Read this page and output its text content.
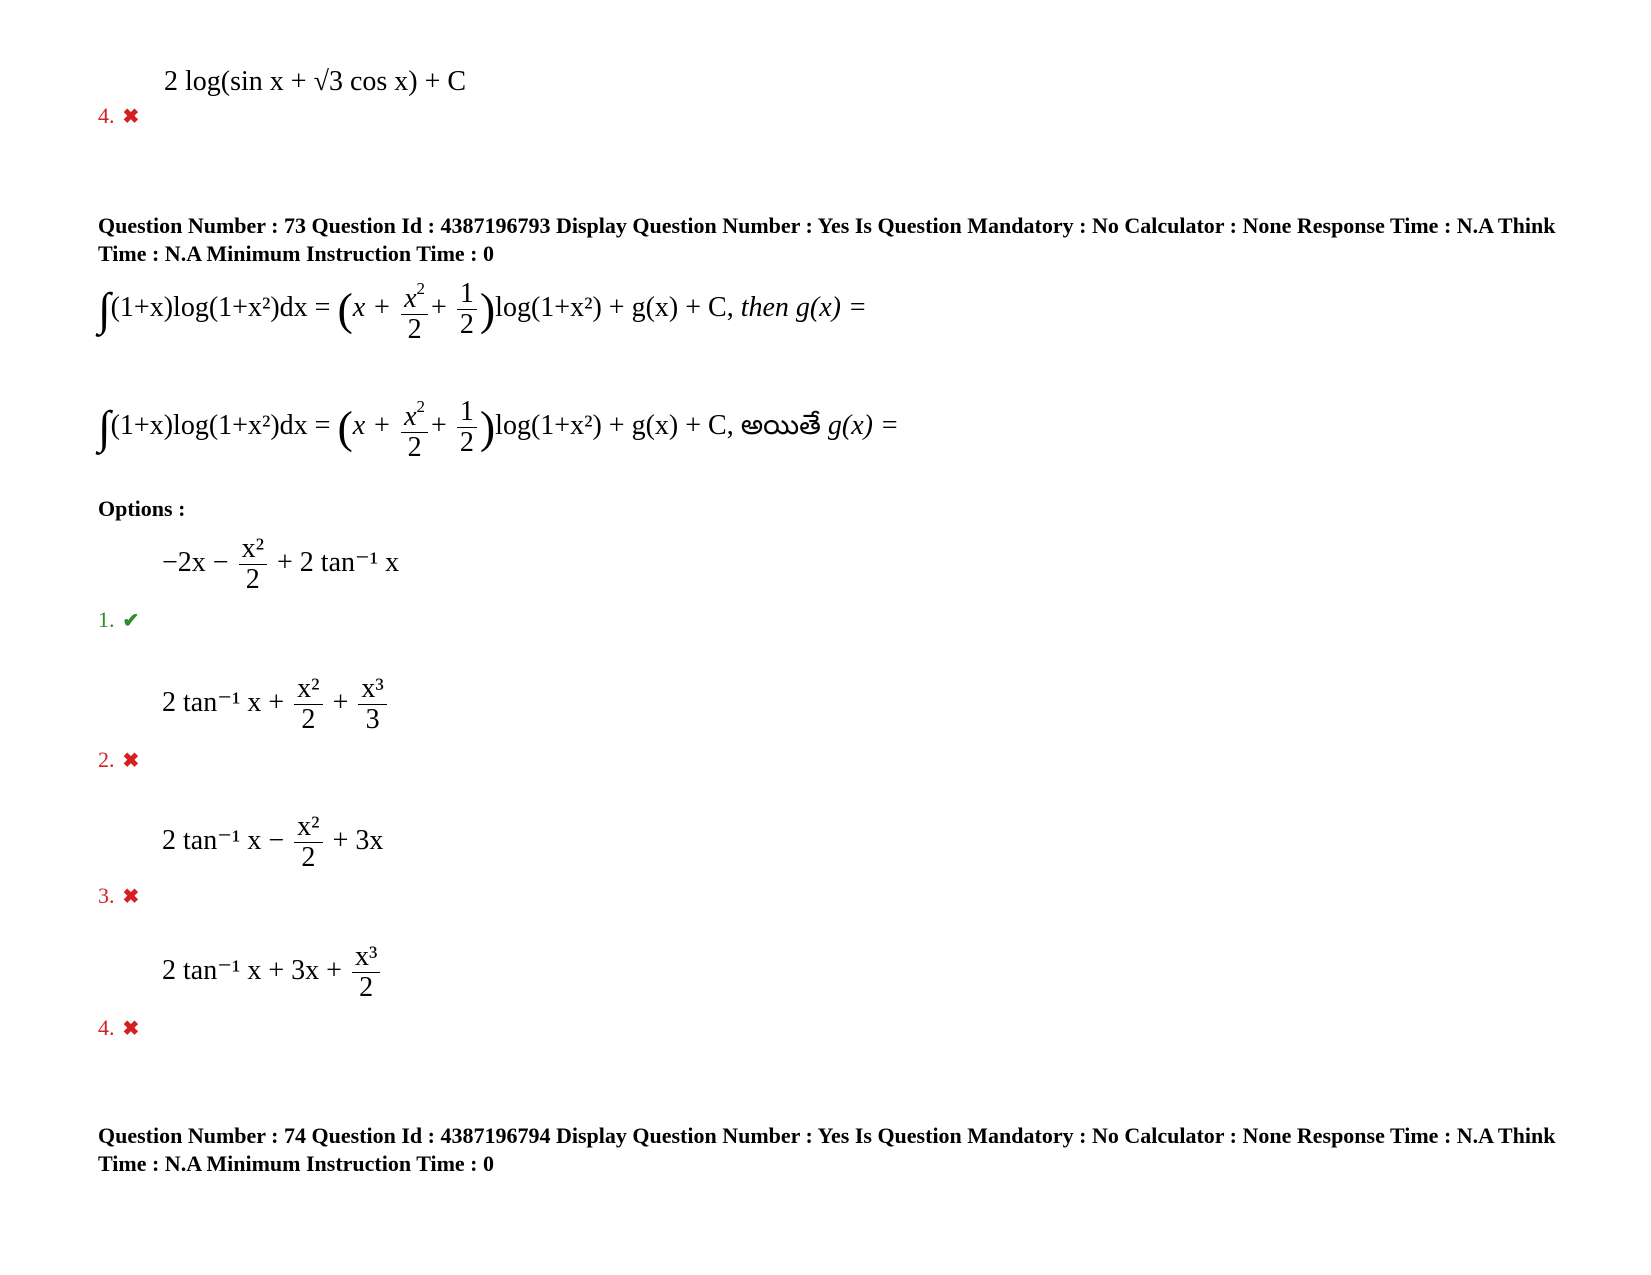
2 log(sin x + √3 cos x) + C
4. ✖
Question Number : 73 Question Id : 4387196793 Display Question Number : Yes Is Question Mandatory : No Calculator : None Response Time : N.A Think Time : N.A Minimum Instruction Time : 0
$\int(1+x)\log(1+x^2)dx = (x + \frac{x^2}{2} + \frac{1}{2} )\log(1+x^2) + g(x) + C$, then g(x) =
$\int(1+x)\log(1+x^2)dx = (x + \frac{x^2}{2} + \frac{1}{2} )\log(1+x^2) + g(x) + C$, అయితే g(x) =
Options :
$-2x - \frac{\text{x²}}{2} + 2$ tan⁻¹ x
1. ✔
2 tan⁻¹ $x + \frac{\text{x²}}{2} + \frac{\text{x³}}{3}$
2. ✖
2 tan⁻¹ $x - \frac{\text{x²}}{2} + 3x$
3. ✖
2 tan⁻¹ $x + 3x + \frac{\text{x³}}{2}$
4. ✖
Question Number : 74 Question Id : 4387196794 Display Question Number : Yes Is Question Mandatory : No Calculator : None Response Time : N.A Think Time : N.A Minimum Instruction Time : 0
